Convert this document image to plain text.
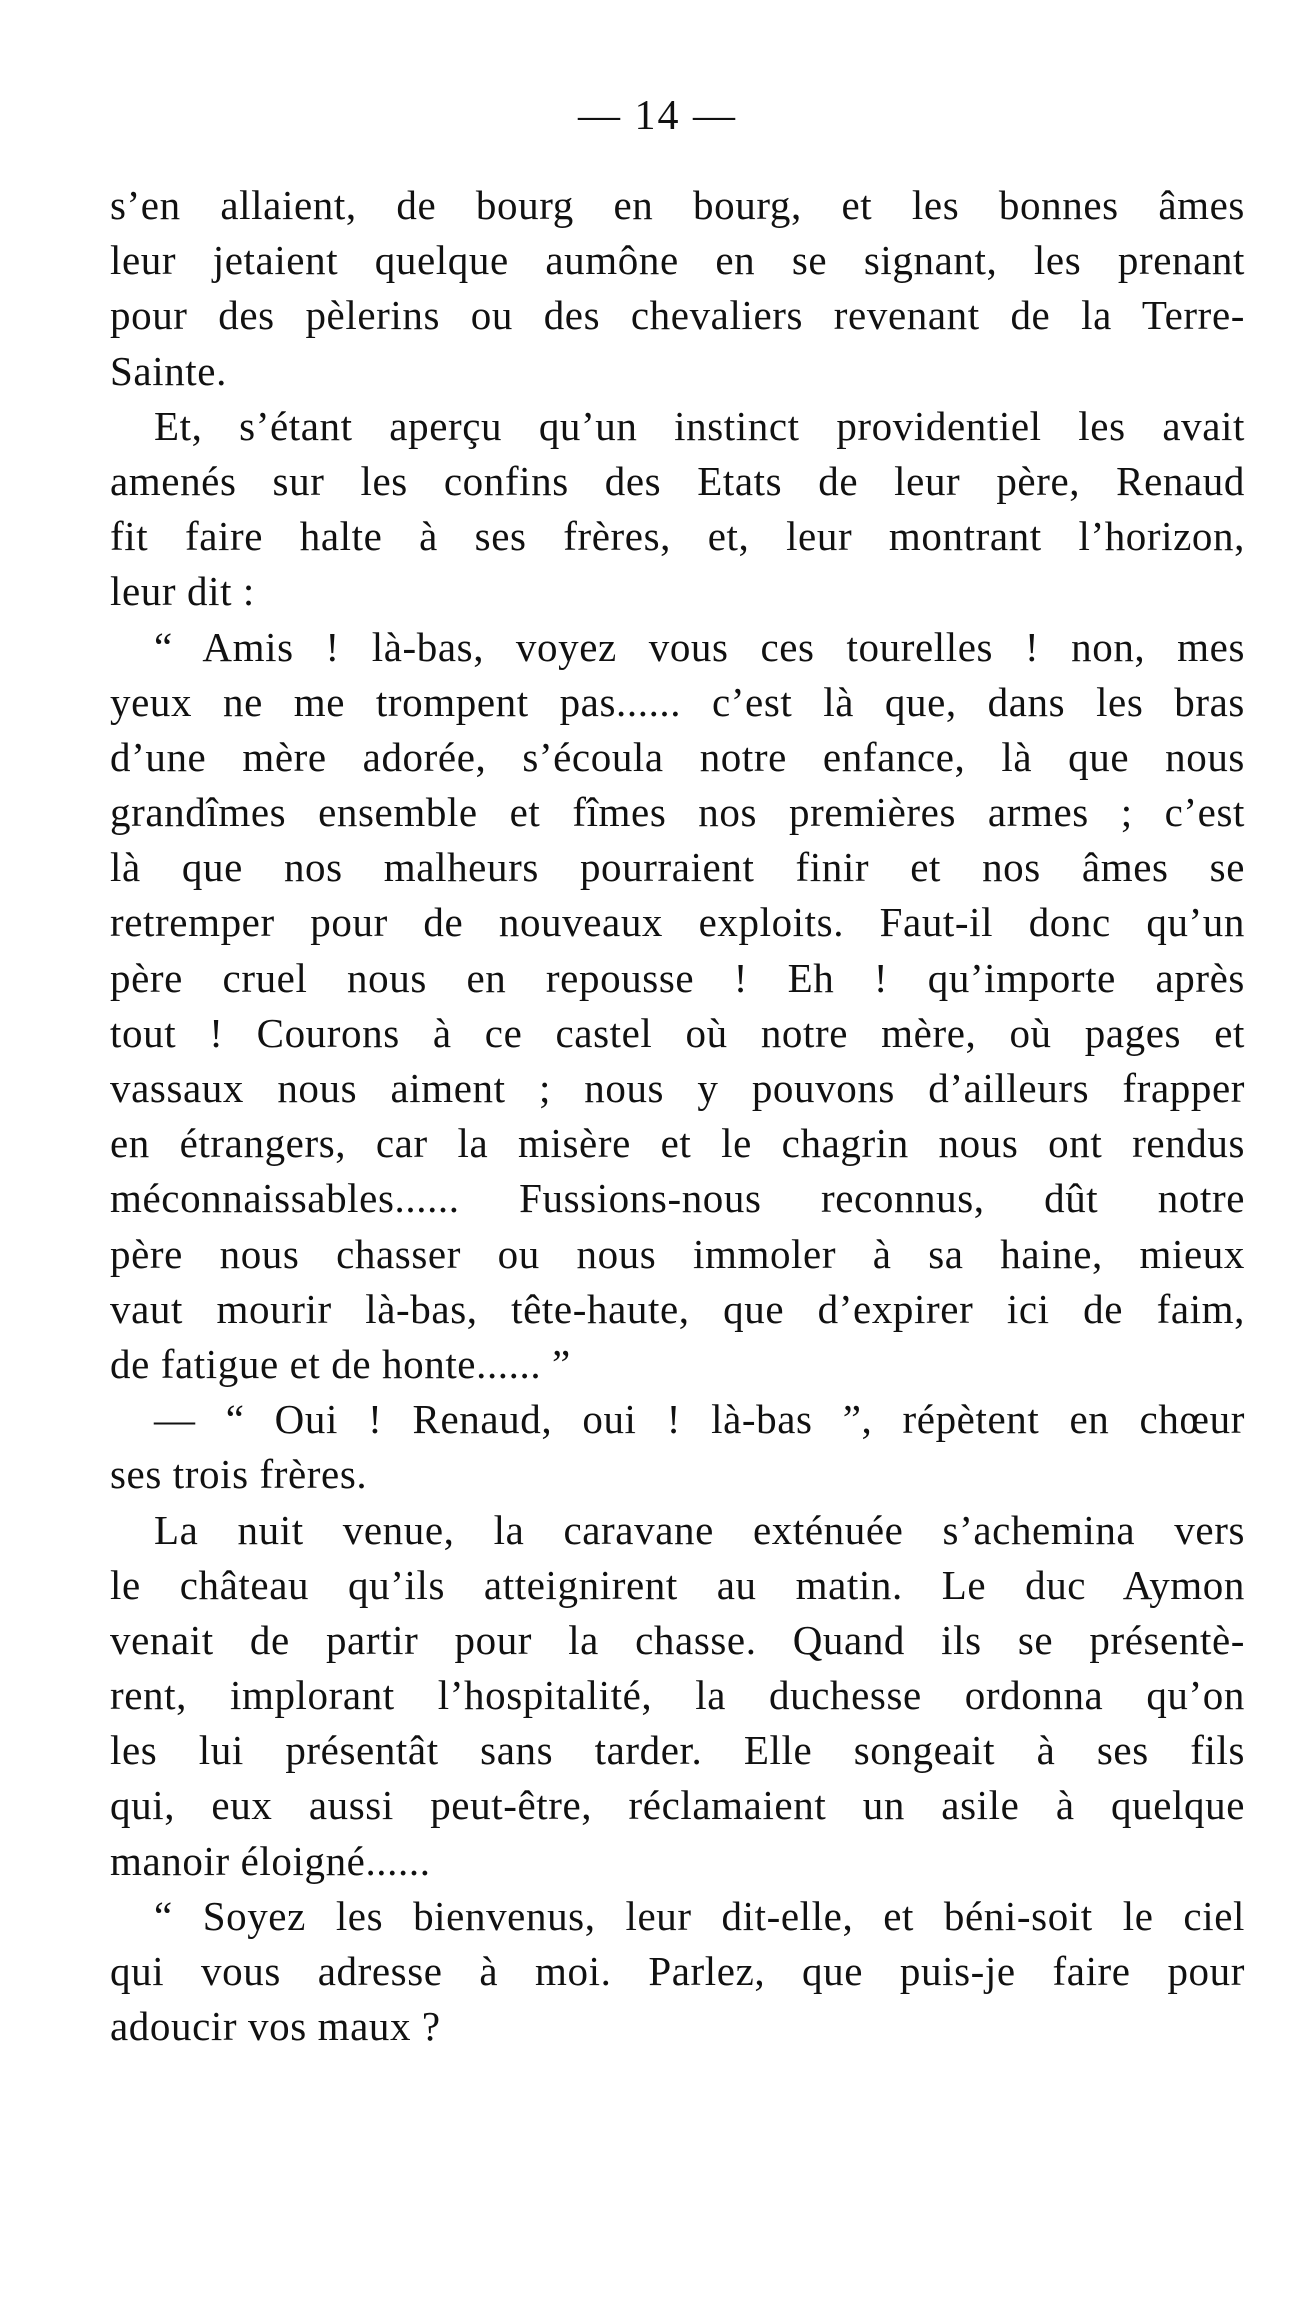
— 14 —
s’en allaient, de bourg en bourg, et les bonnes âmes
leur jetaient quelque aumône en se signant, les prenant
pour des pèlerins ou des chevaliers revenant de la Terre-
Sainte.
Et, s’étant aperçu qu’un instinct providentiel les avait
amenés sur les confins des Etats de leur père, Renaud
fit faire halte à ses frères, et, leur montrant l’horizon,
leur dit :
“ Amis ! là-bas, voyez vous ces tourelles ! non, mes
yeux ne me trompent pas...... c’est là que, dans les bras
d’une mère adorée, s’écoula notre enfance, là que nous
grandîmes ensemble et fîmes nos premières armes ; c’est
là que nos malheurs pourraient finir et nos âmes se
retremper pour de nouveaux exploits. Faut-il donc qu’un
père cruel nous en repousse ! Eh ! qu’importe après
tout ! Courons à ce castel où notre mère, où pages et
vassaux nous aiment ; nous y pouvons d’ailleurs frapper
en étrangers, car la misère et le chagrin nous ont rendus
méconnaissables...... Fussions-nous reconnus, dût notre
père nous chasser ou nous immoler à sa haine, mieux
vaut mourir là-bas, tête-haute, que d’expirer ici de faim,
de fatigue et de honte...... ”
— “ Oui ! Renaud, oui ! là-bas ”, répètent en chœur
ses trois frères.
La nuit venue, la caravane exténuée s’achemina vers
le château qu’ils atteignirent au matin. Le duc Aymon
venait de partir pour la chasse. Quand ils se présentè-
rent, implorant l’hospitalité, la duchesse ordonna qu’on
les lui présentât sans tarder. Elle songeait à ses fils
qui, eux aussi peut-être, réclamaient un asile à quelque
manoir éloigné......
“ Soyez les bienvenus, leur dit-elle, et béni-soit le ciel
qui vous adresse à moi. Parlez, que puis-je faire pour
adoucir vos maux ?
